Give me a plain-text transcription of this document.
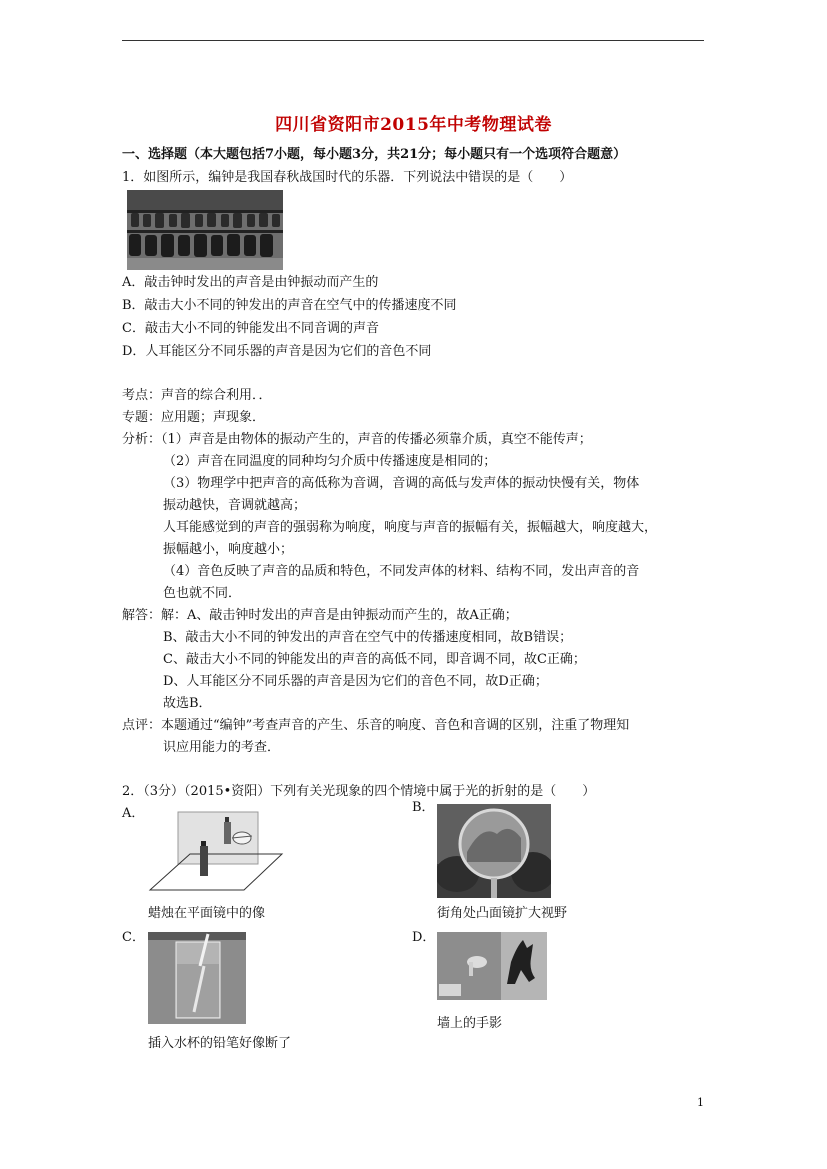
四川省资阳市2015年中考物理试卷
一、选择题（本大题包括7小题，每小题3分，共21分；每小题只有一个选项符合题意）
1．如图所示，编钟是我国春秋战国时代的乐器．下列说法中错误的是（　　）
A．敲击钟时发出的声音是由钟振动而产生的
B．敲击大小不同的钟发出的声音在空气中的传播速度不同
C．敲击大小不同的钟能发出不同音调的声音
D．人耳能区分不同乐器的声音是因为它们的音色不同
考点：声音的综合利用．．
专题：应用题；声现象．
分析：（1）声音是由物体的振动产生的，声音的传播必须靠介质，真空不能传声；
（2）声音在同温度的同种均匀介质中传播速度是相同的；
（3）物理学中把声音的高低称为音调，音调的高低与发声体的振动快慢有关，物体
振动越快，音调就越高；
人耳能感觉到的声音的强弱称为响度，响度与声音的振幅有关，振幅越大，响度越大，
振幅越小，响度越小；
（4）音色反映了声音的品质和特色，不同发声体的材料、结构不同，发出声音的音
色也就不同．
解答：解：A、敲击钟时发出的声音是由钟振动而产生的，故A正确；
B、敲击大小不同的钟发出的声音在空气中的传播速度相同，故B错误；
C、敲击大小不同的钟能发出的声音的高低不同，即音调不同，故C正确；
D、人耳能区分不同乐器的声音是因为它们的音色不同，故D正确；
故选B．
点评：本题通过“编钟”考查声音的产生、乐音的响度、音色和音调的区别，注重了物理知
识应用能力的考查．
2．（3分）（2015•资阳）下列有关光现象的四个情境中属于光的折射的是（　　）
A．
蜡烛在平面镜中的像
B．
街角处凸面镜扩大视野
C．
插入水杯的铅笔好像断了
D．
墙上的手影
1
